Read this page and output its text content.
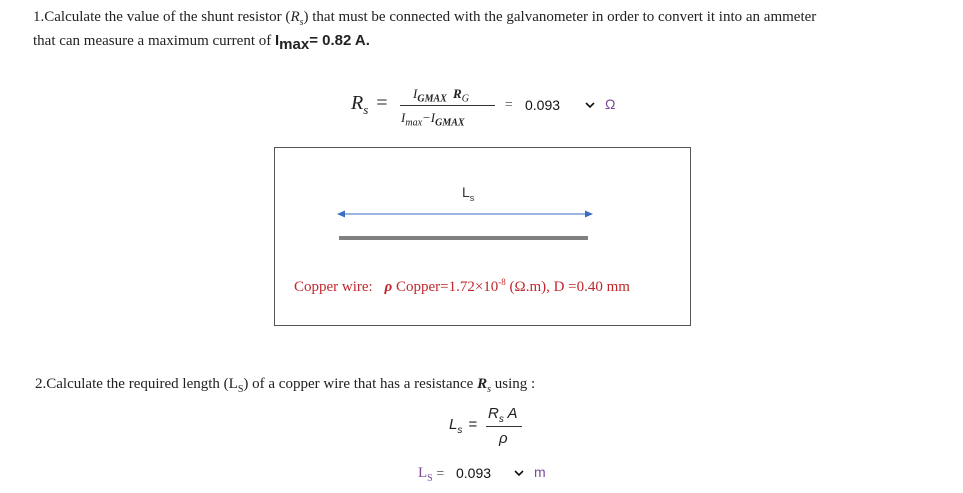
1.Calculate the value of the shunt resistor $(R_s)$ that must be connected with the galvanometer in order to convert it into an ammeter
that can measure a maximum current of $I_{max}= 0.82$ A.
$R_s = I_{GMAX}$ $R_G$
$I_{max}-I_{GMAX}$
= 0.093	Ω
$L_s$
Copper wire: ρ $Copper=1.72\times 10^{-8}$ (Ω.m), D =0.40 mm
2.Calculate the required length $(L_S)$ of a copper wire that has a resistance $R_s$ using :
$L_s$ =
$R_s$ A
ρ
$L_S = 0.093$	m
